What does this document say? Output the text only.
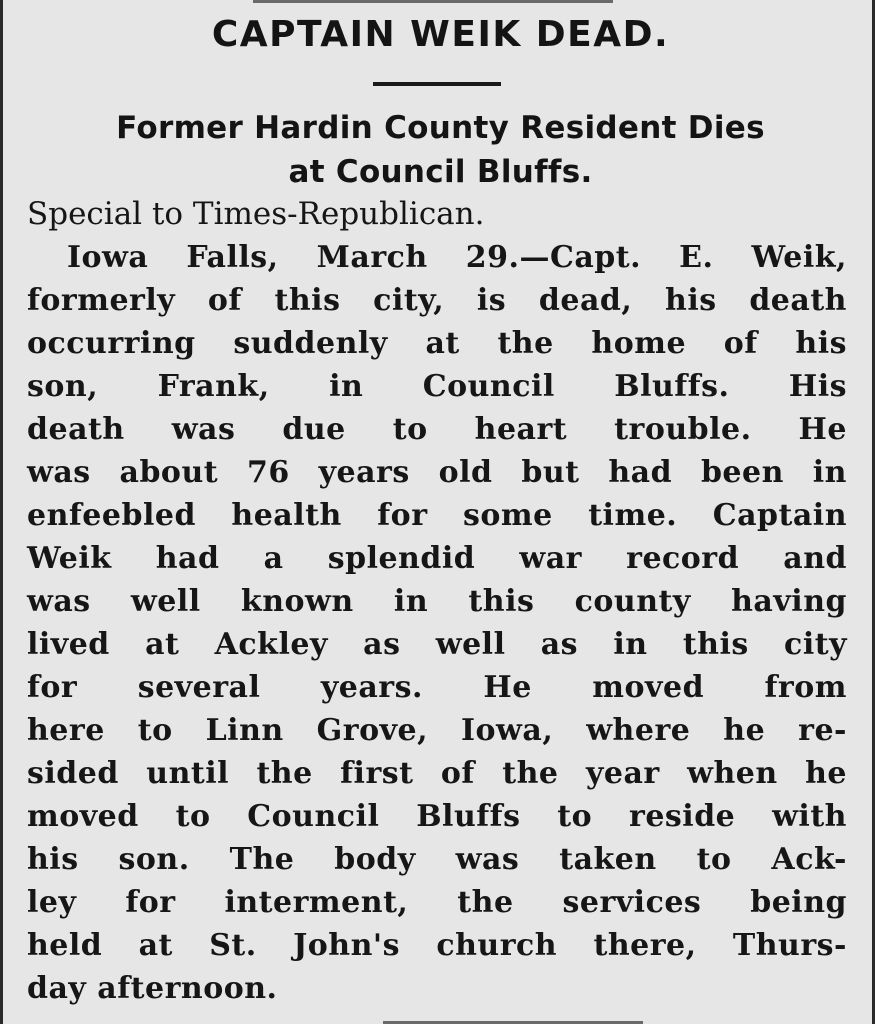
CAPTAIN WEIK DEAD.
Former Hardin County Resident Dies
at Council Bluffs.

Special to Times-Republican.

Iowa Falls, March 29.—Capt. E. Weik,
formerly of this city, is dead, his death
occurring suddenly at the home of his
son, Frank, in Council Bluffs. His
death was due to heart trouble. He
was about 76 years old but had been in
enfeebled health for some time. Captain
Weik had a splendid war record and
was well known in this county having
lived at Ackley as well as in this city
for several years. He moved from
here to Linn Grove, Iowa, where he re-
sided until the first of the year when he
moved to Council Bluffs to reside with
his son. The body was taken to Ack-
ley for interment, the services being
held at St. John's church there, Thurs-
day afternoon.
